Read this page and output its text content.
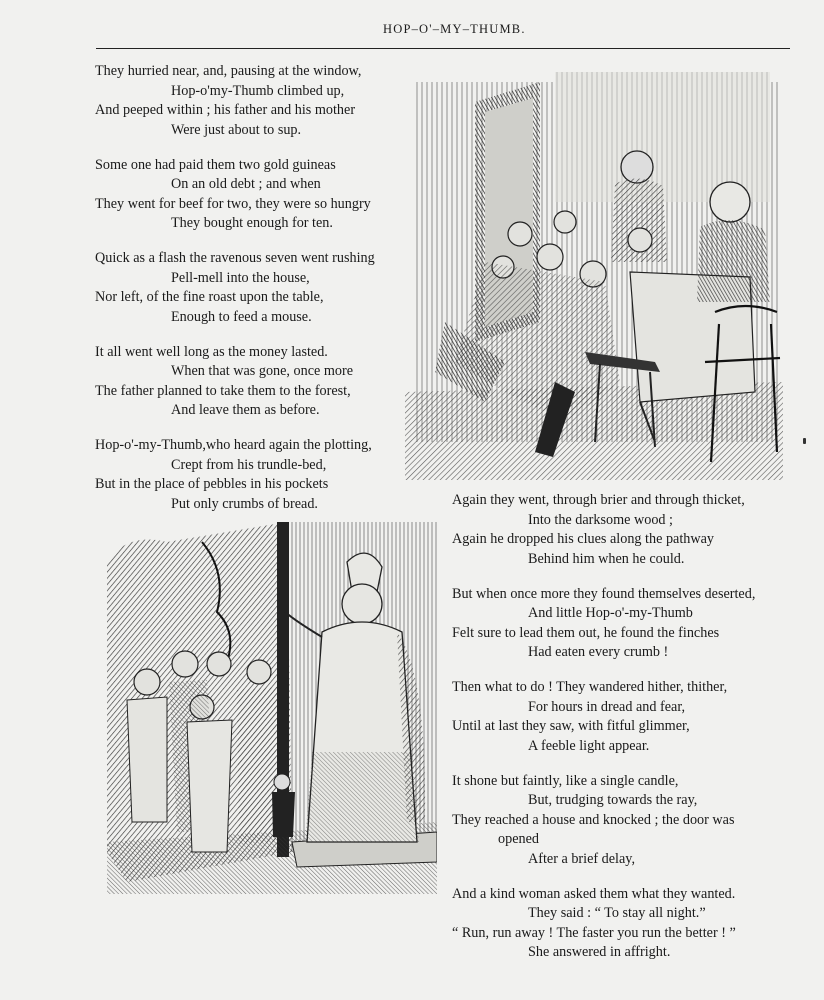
HOP–O'–MY–THUMB.
They hurried near, and, pausing at the window,
Hop-o'my-Thumb climbed up,
And peeped within ; his father and his mother
Were just about to sup.
Some one had paid them two gold guineas
On an old debt ; and when
They went for beef for two, they were so hungry
They bought enough for ten.
Quick as a flash the ravenous seven went rushing
Pell-mell into the house,
Nor left, of the fine roast upon the table,
Enough to feed a mouse.
It all went well long as the money lasted.
When that was gone, once more
The father planned to take them to the forest,
And leave them as before.
Hop-o'-my-Thumb,who heard again the plotting,
Crept from his trundle-bed,
But in the place of pebbles in his pockets
Put only crumbs of bread.	Again they went, through brier and through thicket,
Into the darksome wood ;
Again he dropped his clues along the pathway
Behind him when he could.
But when once more they found themselves deserted,
And little Hop-o'-my-Thumb
Felt sure to lead them out, he found the finches
Had eaten every crumb !
Then what to do ! They wandered hither, thither,
For hours in dread and fear,
Until at last they saw, with fitful glimmer,
A feeble light appear.
It shone but faintly, like a single candle,
But, trudging towards the ray,
They reached a house and knocked ; the door was
opened
After a brief delay,
And a kind woman asked them what they wanted.
They said : “ To stay all night.”
“ Run, run away ! The faster you run the better ! ”
She answered in affright.
